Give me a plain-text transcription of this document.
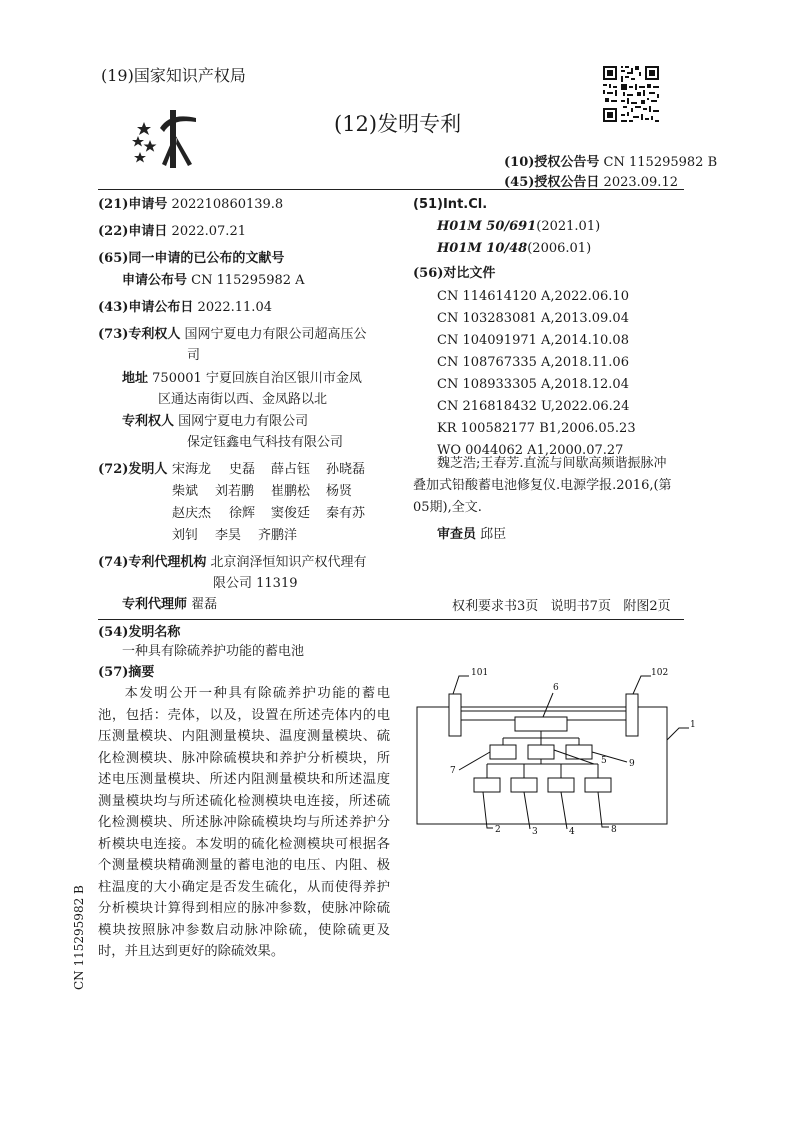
(19)国家知识产权局
(12)发明专利
(10)授权公告号 CN 115295982 B
(45)授权公告日 2023.09.12
(21)申请号 202210860139.8
(22)申请日 2022.07.21
(65)同一申请的已公布的文献号
申请公布号 CN 115295982 A
(43)申请公布日 2022.11.04
(73)专利权人 国网宁夏电力有限公司超高压公
司
地址 750001 宁夏回族自治区银川市金凤
区通达南街以西、金凤路以北
专利权人 国网宁夏电力有限公司
保定钰鑫电气科技有限公司
(72)发明人 宋海龙 史磊 薛占钰 孙晓磊
柴斌 刘若鹏 崔鹏松 杨贤
赵庆杰 徐辉 窦俊廷 秦有苏
刘钊 李昊 齐鹏洋
(74)专利代理机构 北京润泽恒知识产权代理有
限公司 11319
专利代理师 翟磊
(51)Int.Cl.
H01M 50/691(2021.01)
H01M 10/48(2006.01)
(56)对比文件
CN 114614120 A,2022.06.10
CN 103283081 A,2013.09.04
CN 104091971 A,2014.10.08
CN 108767335 A,2018.11.06
CN 108933305 A,2018.12.04
CN 216818432 U,2022.06.24
KR 100582177 B1,2006.05.23
WO 0044062 A1,2000.07.27
魏芝浩;王春芳.直流与间歇高频谐振脉冲
叠加式铅酸蓄电池修复仪.电源学报.2016,(第
05期),全文.
审查员 邱臣
权利要求书3页   说明书7页   附图2页
(54)发明名称
一种具有除硫养护功能的蓄电池
(57)摘要
本发明公开一种具有除硫养护功能的蓄电池，包括：壳体，以及，设置在所述壳体内的电压测量模块、内阻测量模块、温度测量模块、硫化检测模块、脉冲除硫模块和养护分析模块，所述电压测量模块、所述内阻测量模块和所述温度测量模块均与所述硫化检测模块电连接，所述硫化检测模块、所述脉冲除硫模块均与所述养护分析模块电连接。本发明的硫化检测模块可根据各个测量模块精确测量的蓄电池的电压、内阻、极柱温度的大小确定是否发生硫化，从而使得养护分析模块计算得到相应的脉冲参数，使脉冲除硫模块按照脉冲参数启动脉冲除硫，使除硫更及时，并且达到更好的除硫效果。
CN 115295982 B
101	102
1
6
5
7
9
2	3	4	8
